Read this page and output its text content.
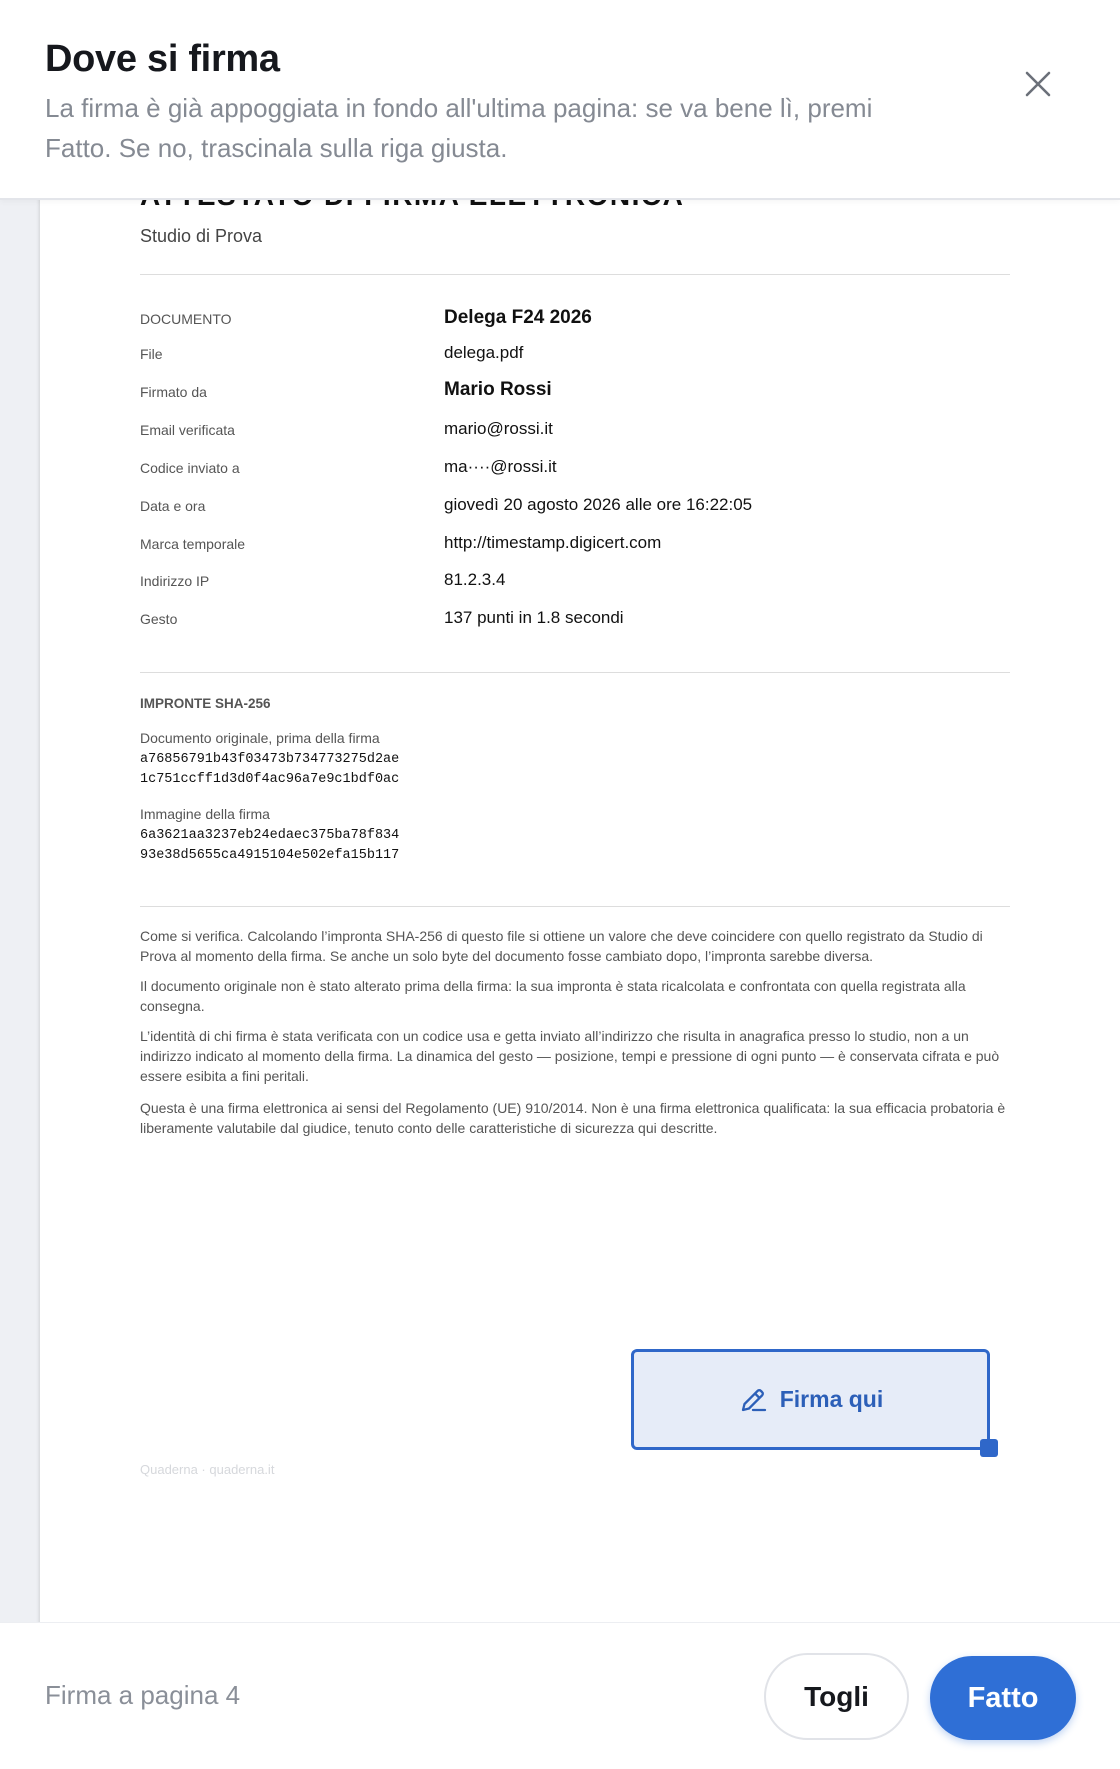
Dove si firma

La firma è già appoggiata in fondo all'ultima pagina: se va bene lì, premi Fatto. Se no, trascinala sulla riga giusta.

Studio di Prova
DOCUMENTO	Delega F24 2026
File	delega.pdf
Firmato da	Mario Rossi
Email verificata	mario@rossi.it
Codice inviato a	ma····@rossi.it
Data e ora	giovedì 20 agosto 2026 alle ore 16:22:05
Marca temporale	http://timestamp.digicert.com
Indirizzo IP	81.2.3.4
Gesto	137 punti in 1.8 secondi
IMPRONTE SHA-256
Documento originale, prima della firma
a76856791b43f03473b734773275d2ae
1c751ccff1d3d0f4ac96a7e9c1bdf0ac
Immagine della firma
6a3621aa3237eb24edaec375ba78f834
93e38d5655ca4915104e502efa15b117

Come si verifica. Calcolando l’impronta SHA-256 di questo file si ottiene un valore che deve coincidere con quello registrato da Studio di Prova al momento della firma. Se anche un solo byte del documento fosse cambiato dopo, l’impronta sarebbe diversa.

Il documento originale non è stato alterato prima della firma: la sua impronta è stata ricalcolata e confrontata con quella registrata alla consegna.

L’identità di chi firma è stata verificata con un codice usa e getta inviato all’indirizzo che risulta in anagrafica presso lo studio, non a un indirizzo indicato al momento della firma. La dinamica del gesto — posizione, tempi e pressione di ogni punto — è conservata cifrata e può essere esibita a fini peritali.

Questa è una firma elettronica ai sensi del Regolamento (UE) 910/2014. Non è una firma elettronica qualificata: la sua efficacia probatoria è liberamente valutabile dal giudice, tenuto conto delle caratteristiche di sicurezza qui descritte.

Quaderna · quaderna.it
Firma qui
Firma a pagina 4	Togli	Fatto
